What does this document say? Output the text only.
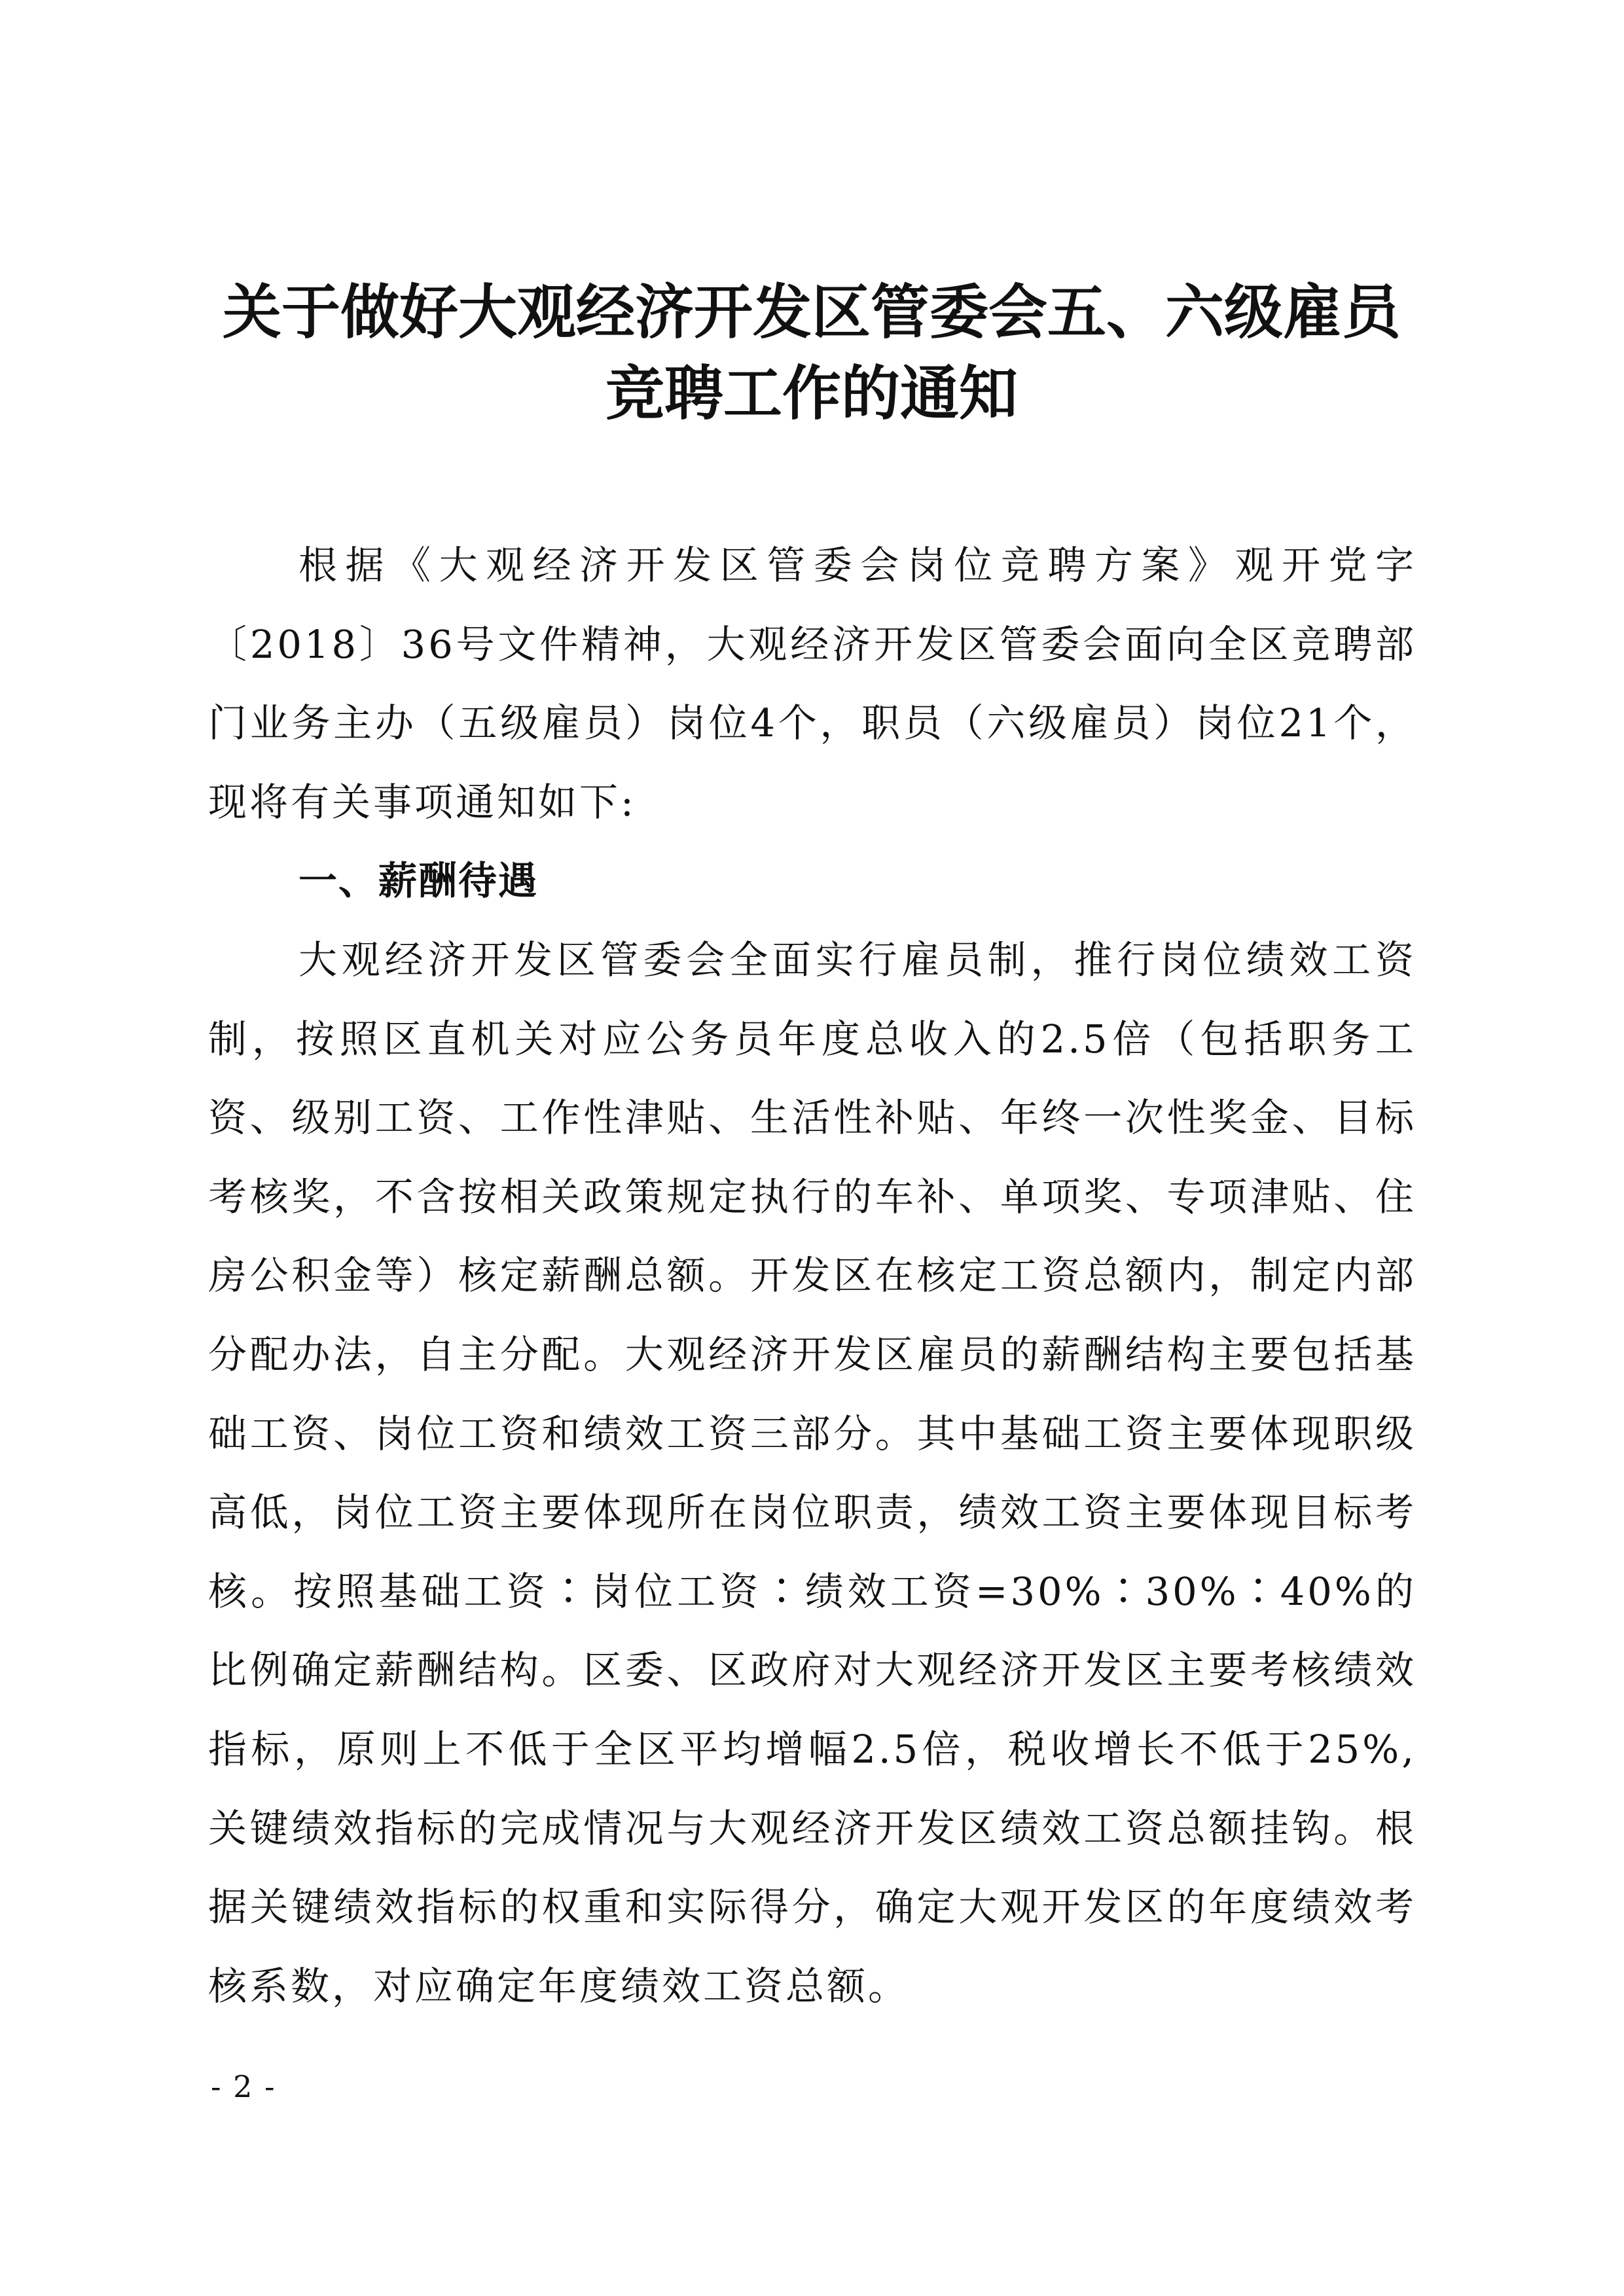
关于做好大观经济开发区管委会五、六级雇员
竞聘工作的通知

根据《大观经济开发区管委会岗位竞聘方案》观开党字〔2018〕36号文件精神，大观经济开发区管委会面向全区竞聘部门业务主办（五级雇员）岗位4个，职员（六级雇员）岗位21个，现将有关事项通知如下:

一、薪酬待遇

大观经济开发区管委会全面实行雇员制，推行岗位绩效工资制，按照区直机关对应公务员年度总收入的2.5倍（包括职务工资、级别工资、工作性津贴、生活性补贴、年终一次性奖金、目标考核奖，不含按相关政策规定执行的车补、单项奖、专项津贴、住房公积金等）核定薪酬总额。开发区在核定工资总额内，制定内部分配办法，自主分配。大观经济开发区雇员的薪酬结构主要包括基础工资、岗位工资和绩效工资三部分。其中基础工资主要体现职级高低，岗位工资主要体现所在岗位职责，绩效工资主要体现目标考核。按照基础工资∶岗位工资∶绩效工资=30%∶30%∶40%的比例确定薪酬结构。区委、区政府对大观经济开发区主要考核绩效指标，原则上不低于全区平均增幅2.5倍，税收增长不低于25%,关键绩效指标的完成情况与大观经济开发区绩效工资总额挂钩。根据关键绩效指标的权重和实际得分，确定大观开发区的年度绩效考核系数，对应确定年度绩效工资总额。

- 2 -
